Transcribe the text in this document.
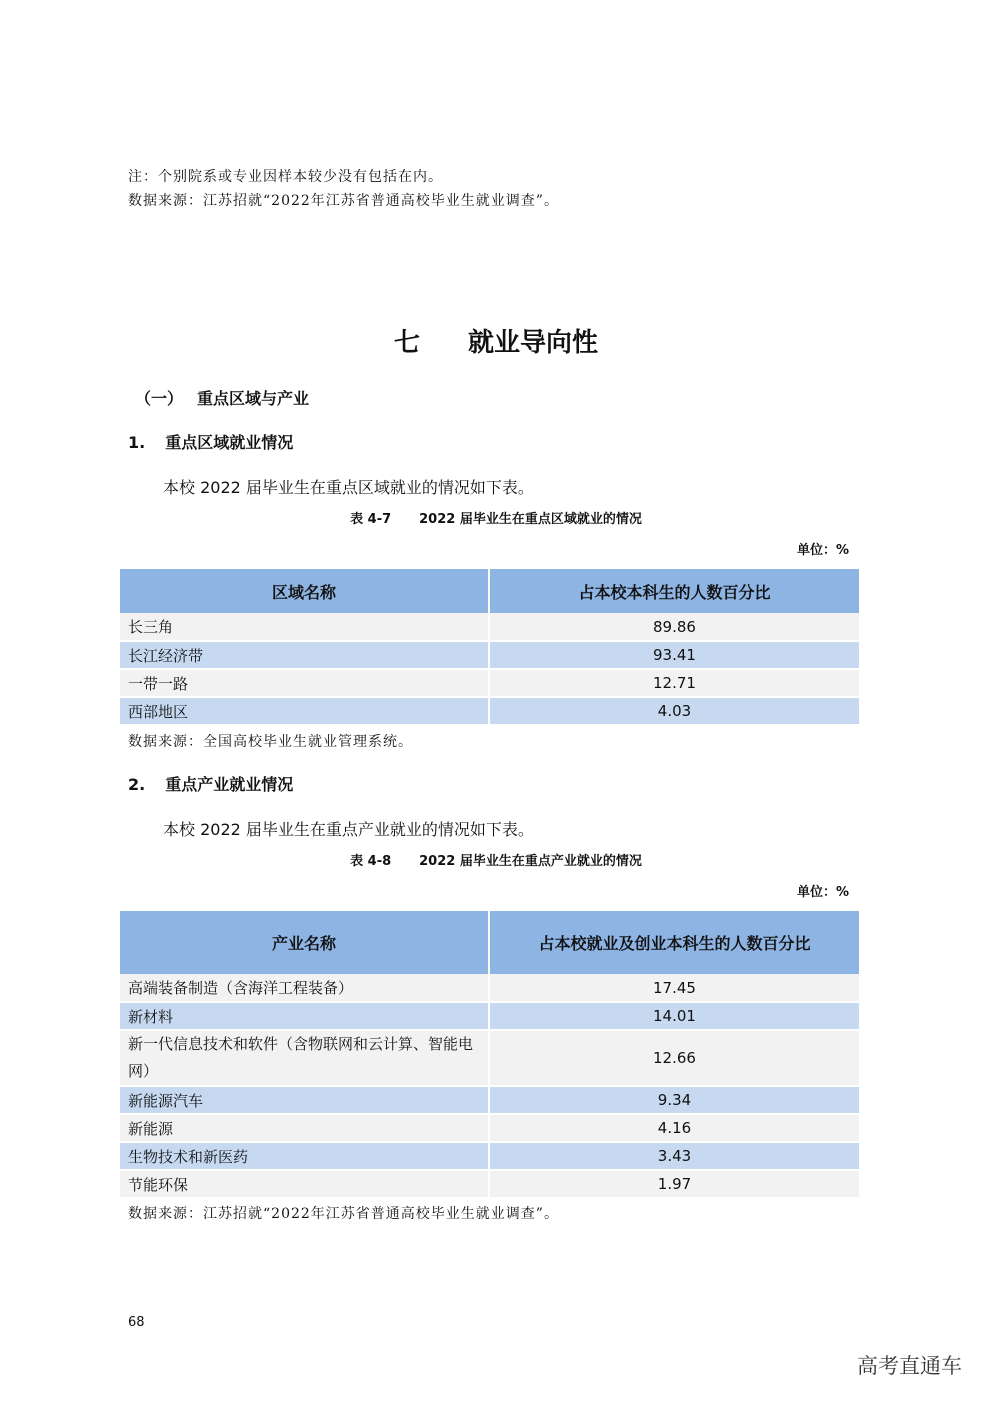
注：个别院系或专业因样本较少没有包括在内。
数据来源：江苏招就“2022年江苏省普通高校毕业生就业调查”。
七 就业导向性
（一） 重点区域与产业
1. 重点区域就业情况
本校 2022 届毕业生在重点区域就业的情况如下表。
表 4-7 2022 届毕业生在重点区域就业的情况
单位：%
区域名称	占本校本科生的人数百分比
长三角	89.86
长江经济带	93.41
一带一路	12.71
西部地区	4.03
数据来源：全国高校毕业生就业管理系统。
2. 重点产业就业情况
本校 2022 届毕业生在重点产业就业的情况如下表。
表 4-8 2022 届毕业生在重点产业就业的情况
单位：%
产业名称	占本校就业及创业本科生的人数百分比
高端装备制造（含海洋工程装备）	17.45
新材料	14.01
新一代信息技术和软件（含物联网和云计算、智能电网）	12.66
新能源汽车	9.34
新能源	4.16
生物技术和新医药	3.43
节能环保	1.97
数据来源：江苏招就“2022年江苏省普通高校毕业生就业调查”。
68
高考直通车
